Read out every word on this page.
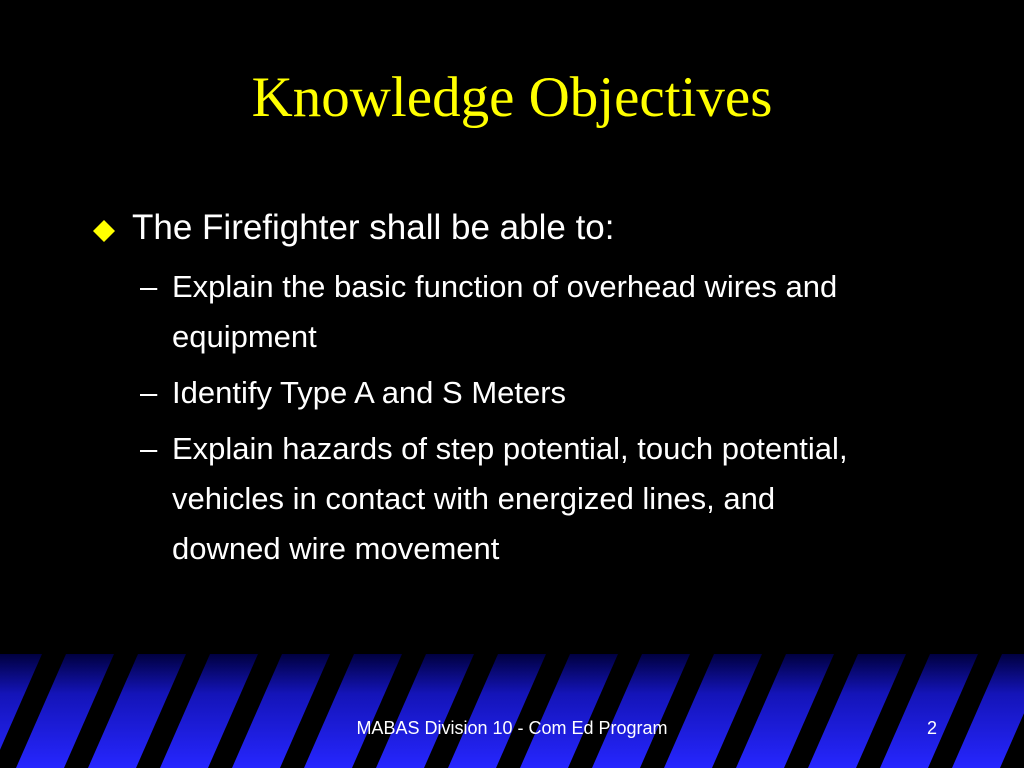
Knowledge Objectives
The Firefighter shall be able to:
– Explain the basic function of overhead wires and equipment
– Identify Type A and S Meters
– Explain hazards of step potential, touch potential, vehicles in contact with energized lines, and downed wire movement
MABAS Division 10 - Com Ed Program	2
